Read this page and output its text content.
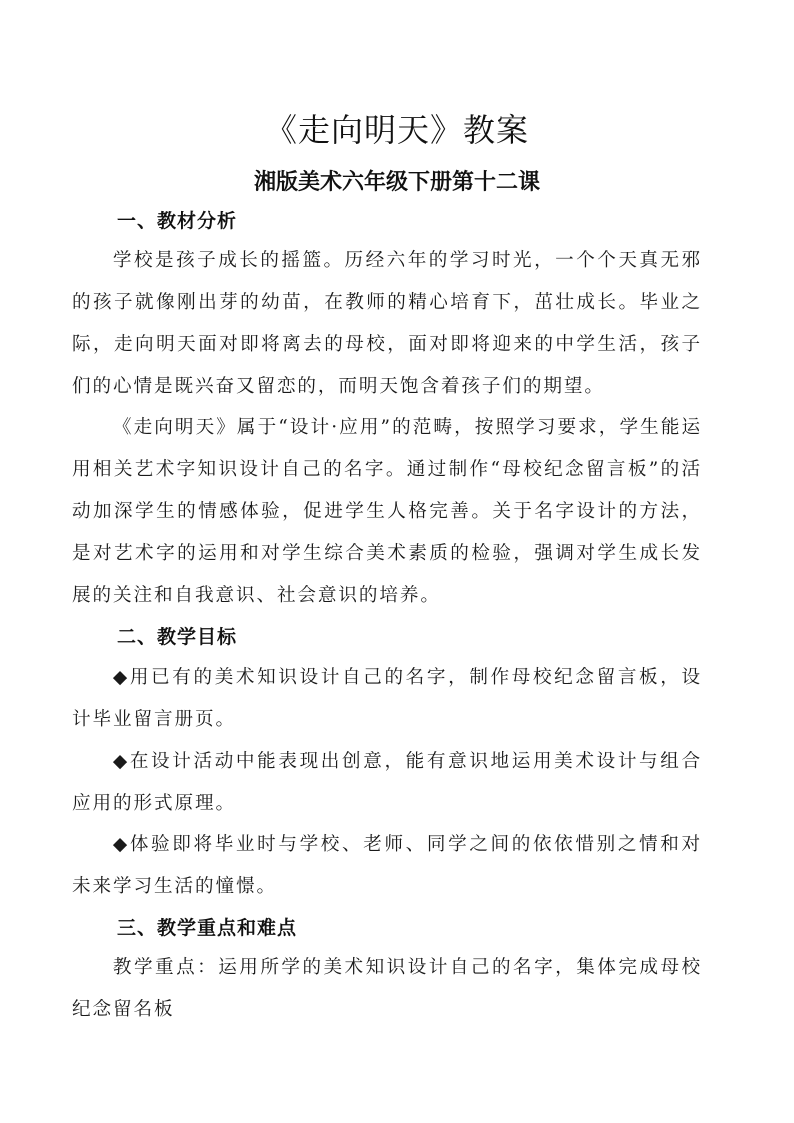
《走向明天》教案
湘版美术六年级下册第十二课
一、教材分析
学校是孩子成长的摇篮。历经六年的学习时光，一个个天真无邪的孩子就像刚出芽的幼苗，在教师的精心培育下，茁壮成长。毕业之际，走向明天面对即将离去的母校，面对即将迎来的中学生活，孩子们的心情是既兴奋又留恋的，而明天饱含着孩子们的期望。
《走向明天》属于“设计·应用”的范畴，按照学习要求，学生能运用相关艺术字知识设计自己的名字。通过制作“母校纪念留言板”的活动加深学生的情感体验，促进学生人格完善。关于名字设计的方法，是对艺术字的运用和对学生综合美术素质的检验，强调对学生成长发展的关注和自我意识、社会意识的培养。
二、教学目标
◆用已有的美术知识设计自己的名字，制作母校纪念留言板，设计毕业留言册页。
◆在设计活动中能表现出创意，能有意识地运用美术设计与组合应用的形式原理。
◆体验即将毕业时与学校、老师、同学之间的依依惜别之情和对未来学习生活的憧憬。
三、教学重点和难点
教学重点：运用所学的美术知识设计自己的名字，集体完成母校纪念留名板
